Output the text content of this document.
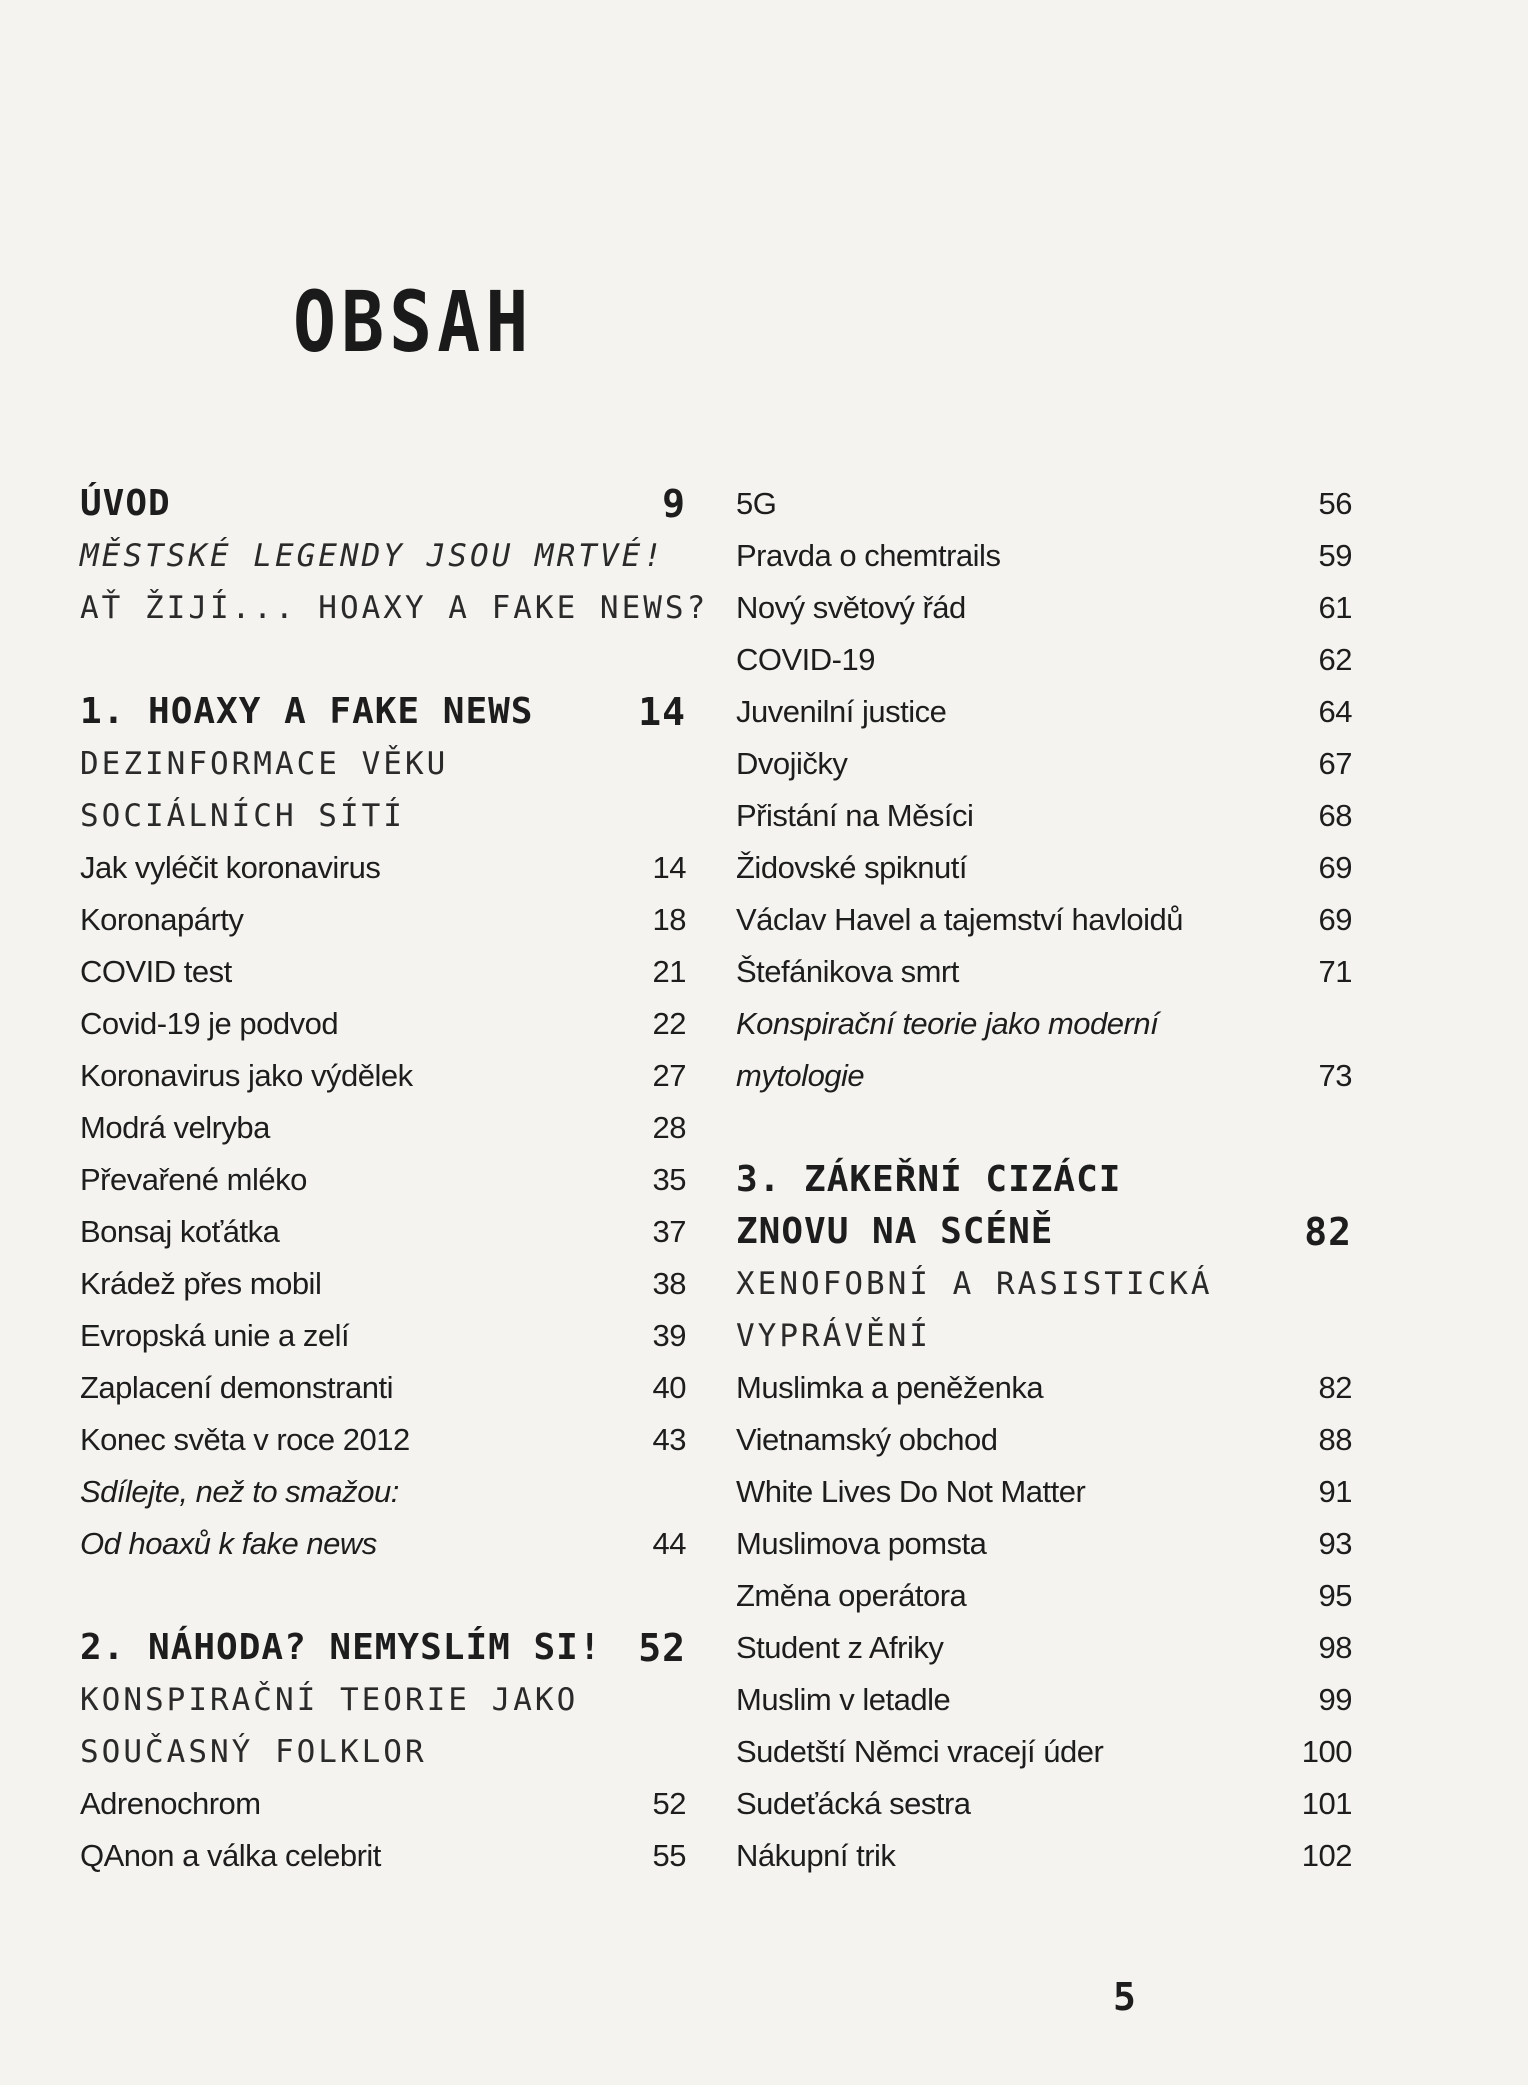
OBSAH
ÚVOD	9
MĚSTSKÉ LEGENDY JSOU MRTVÉ!
AŤ ŽIJÍ... HOAXY A FAKE NEWS?
1. HOAXY A FAKE NEWS	14
DEZINFORMACE VĚKU
SOCIÁLNÍCH SÍTÍ
Jak vyléčit koronavirus	14
Koronapárty	18
COVID test	21
Covid-19 je podvod	22
Koronavirus jako výdělek	27
Modrá velryba	28
Převařené mléko	35
Bonsaj koťátka	37
Krádež přes mobil	38
Evropská unie a zelí	39
Zaplacení demonstranti	40
Konec světa v roce 2012	43
Sdílejte, než to smažou:
Od hoaxů k fake news	44
2. NÁHODA? NEMYSLÍM SI! 52
KONSPIRAČNÍ TEORIE JAKO
SOUČASNÝ FOLKLOR
Adrenochrom	52
QAnon a válka celebrit	55
5G	56
Pravda o chemtrails	59
Nový světový řád	61
COVID-19	62
Juvenilní justice	64
Dvojičky	67
Přistání na Měsíci	68
Židovské spiknutí	69
Václav Havel a tajemství havloidů	69
Štefánikova smrt	71
Konspirační teorie jako moderní
mytologie	73
3. ZÁKEŘNÍ CIZÁCI
ZNOVU NA SCÉNĚ	82
XENOFOBNÍ A RASISTICKÁ
VYPRÁVĚNÍ
Muslimka a peněženka	82
Vietnamský obchod	88
White Lives Do Not Matter	91
Muslimova pomsta	93
Změna operátora	95
Student z Afriky	98
Muslim v letadle	99
Sudetští Němci vracejí úder	100
Sudeťácká sestra	101
Nákupní trik	102
5
